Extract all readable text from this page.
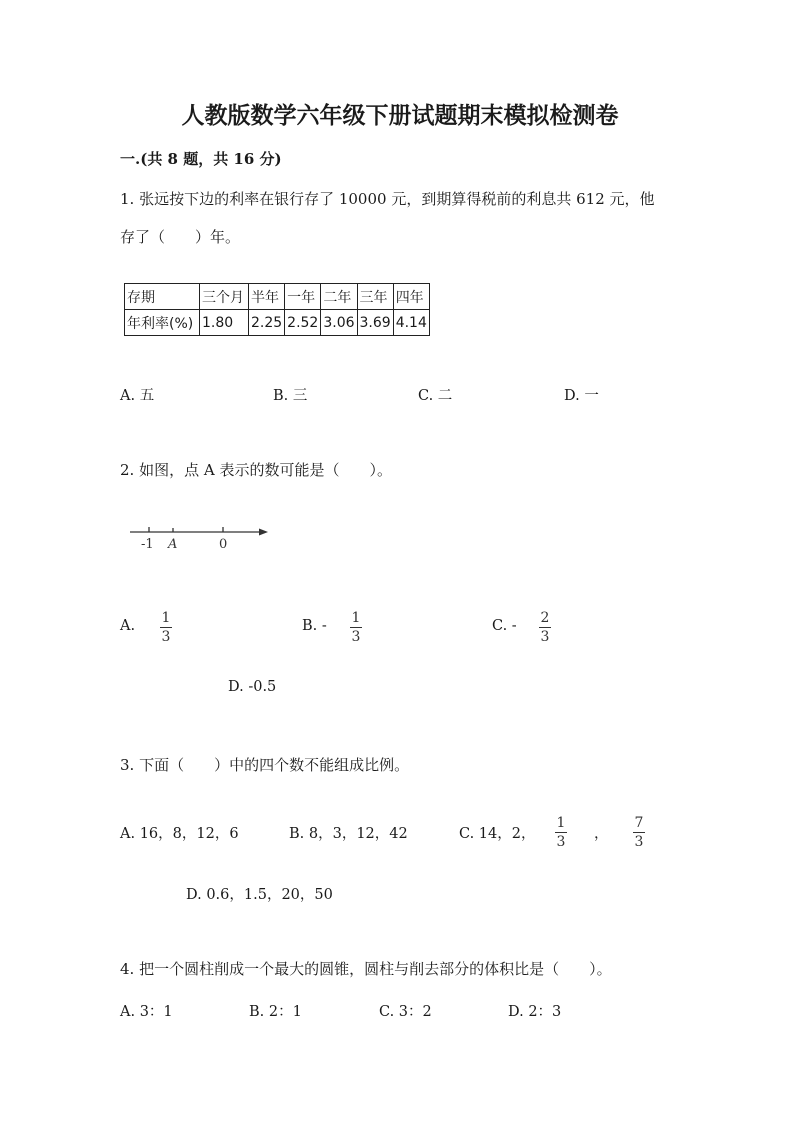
人教版数学六年级下册试题期末模拟检测卷
一.(共 8 题，共 16 分)
1. 张远按下边的利率在银行存了 10000 元，到期算得税前的利息共 612 元，他
存了（　　）年。
存期	三个月	半年	一年	二年	三年	四年
年利率(%)	1.80	2.25	2.52	3.06	3.69	4.14
A. 五	B. 三	C. 二	D. 一
2. 如图，点 A 表示的数可能是（　　）。
-1 A	0
A. 1
3
B. - 1
3
C. - 2
3
D. -0.5
3. 下面（　　）中的四个数不能组成比例。
A. 16，8，12，6	B. 8，3，12，42	C. 14，2，
1
3 ，
7
3
D. 0.6，1.5，20，50
4. 把一个圆柱削成一个最大的圆锥，圆柱与削去部分的体积比是（　　）。
A. 3：1	B. 2：1	C. 3：2	D. 2：3
